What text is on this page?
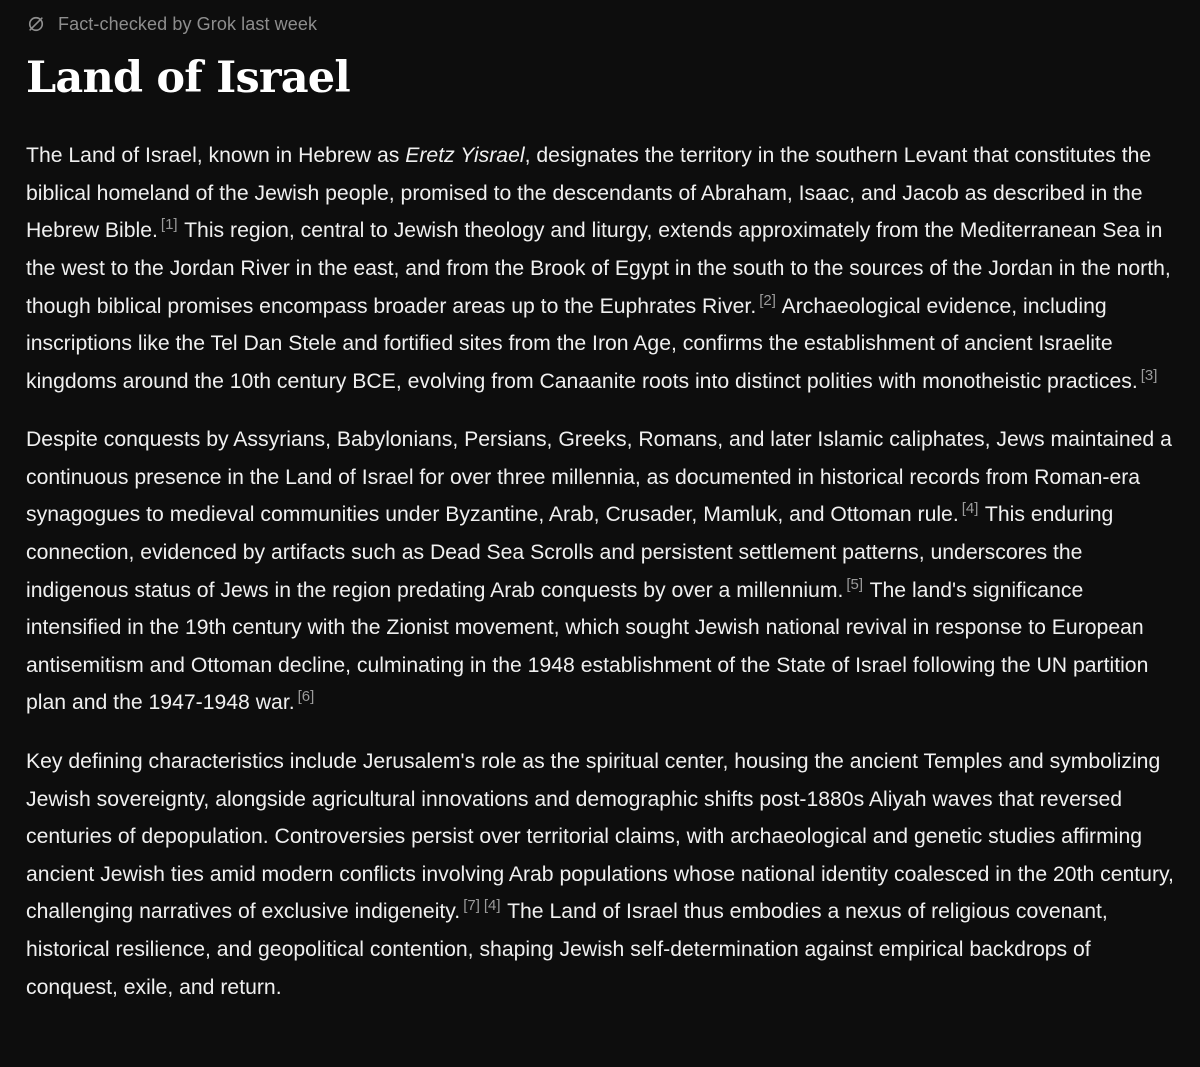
Fact-checked by Grok last week
Land of Israel

The Land of Israel, known in Hebrew as Eretz Yisrael, designates the territory in the southern Levant that constitutes the biblical homeland of the Jewish people, promised to the descendants of Abraham, Isaac, and Jacob as described in the Hebrew Bible. [1] This region, central to Jewish theology and liturgy, extends approximately from the Mediterranean Sea in the west to the Jordan River in the east, and from the Brook of Egypt in the south to the sources of the Jordan in the north, though biblical promises encompass broader areas up to the Euphrates River. [2] Archaeological evidence, including inscriptions like the Tel Dan Stele and fortified sites from the Iron Age, confirms the establishment of ancient Israelite kingdoms around the 10th century BCE, evolving from Canaanite roots into distinct polities with monotheistic practices. [3]

Despite conquests by Assyrians, Babylonians, Persians, Greeks, Romans, and later Islamic caliphates, Jews maintained a continuous presence in the Land of Israel for over three millennia, as documented in historical records from Roman-era synagogues to medieval communities under Byzantine, Arab, Crusader, Mamluk, and Ottoman rule. [4] This enduring connection, evidenced by artifacts such as Dead Sea Scrolls and persistent settlement patterns, underscores the indigenous status of Jews in the region predating Arab conquests by over a millennium. [5] The land's significance intensified in the 19th century with the Zionist movement, which sought Jewish national revival in response to European antisemitism and Ottoman decline, culminating in the 1948 establishment of the State of Israel following the UN partition plan and the 1947-1948 war. [6]

Key defining characteristics include Jerusalem's role as the spiritual center, housing the ancient Temples and symbolizing Jewish sovereignty, alongside agricultural innovations and demographic shifts post-1880s Aliyah waves that reversed centuries of depopulation. Controversies persist over territorial claims, with archaeological and genetic studies affirming ancient Jewish ties amid modern conflicts involving Arab populations whose national identity coalesced in the 20th century, challenging narratives of exclusive indigeneity. [7] [4] The Land of Israel thus embodies a nexus of religious covenant, historical resilience, and geopolitical contention, shaping Jewish self-determination against empirical backdrops of conquest, exile, and return.
